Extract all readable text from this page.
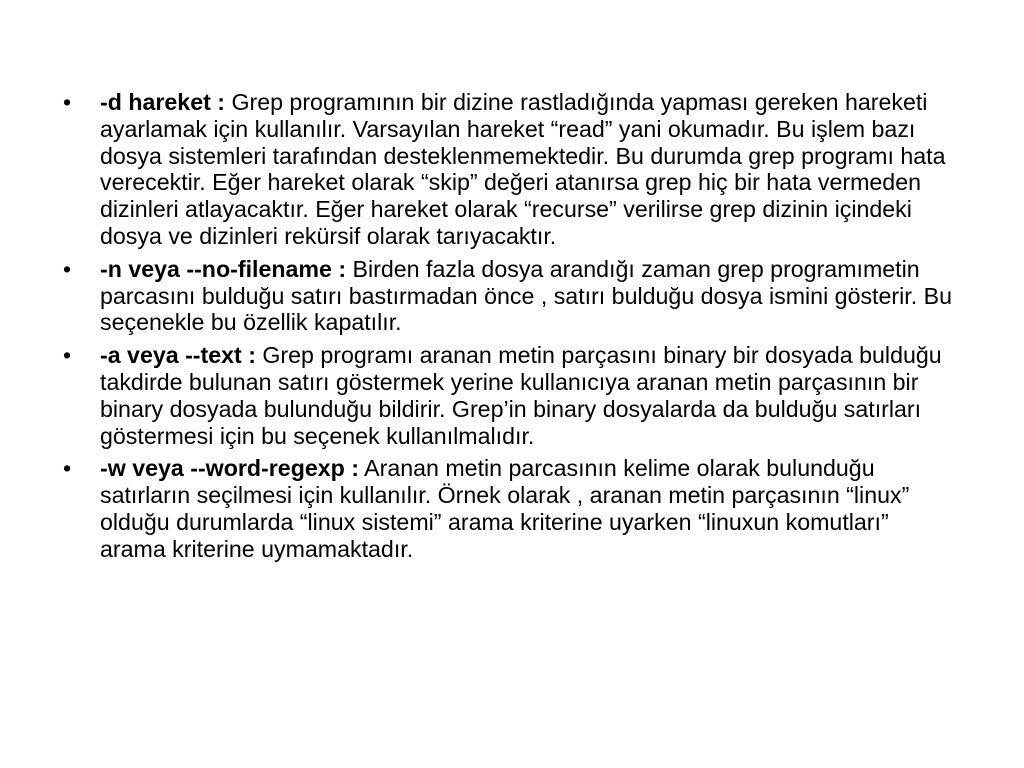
• -d hareket : Grep programının bir dizine rastladığında yapması gereken hareketi ayarlamak için kullanılır. Varsayılan hareket “read” yani okumadır. Bu işlem bazı dosya sistemleri tarafından desteklenmemektedir. Bu durumda grep programı hata verecektir. Eğer hareket olarak “skip” değeri atanırsa grep hiç bir hata vermeden dizinleri atlayacaktır. Eğer hareket olarak “recurse” verilirse grep dizinin içindeki dosya ve dizinleri rekürsif olarak tarıyacaktır.
• -n veya --no-filename : Birden fazla dosya arandığı zaman grep programımetin parcasını bulduğu satırı bastırmadan önce , satırı bulduğu dosya ismini gösterir. Bu seçenekle bu özellik kapatılır.
• -a veya --text : Grep programı aranan metin parçasını binary bir dosyada bulduğu takdirde bulunan satırı göstermek yerine kullanıcıya aranan metin parçasının bir binary dosyada bulunduğu bildirir. Grep’in binary dosyalarda da bulduğu satırları göstermesi için bu seçenek kullanılmalıdır.
• -w veya --word-regexp : Aranan metin parcasının kelime olarak bulunduğu satırların seçilmesi için kullanılır. Örnek olarak , aranan metin parçasının “linux” olduğu durumlarda “linux sistemi” arama kriterine uyarken “linuxun komutları” arama kriterine uymamaktadır.
